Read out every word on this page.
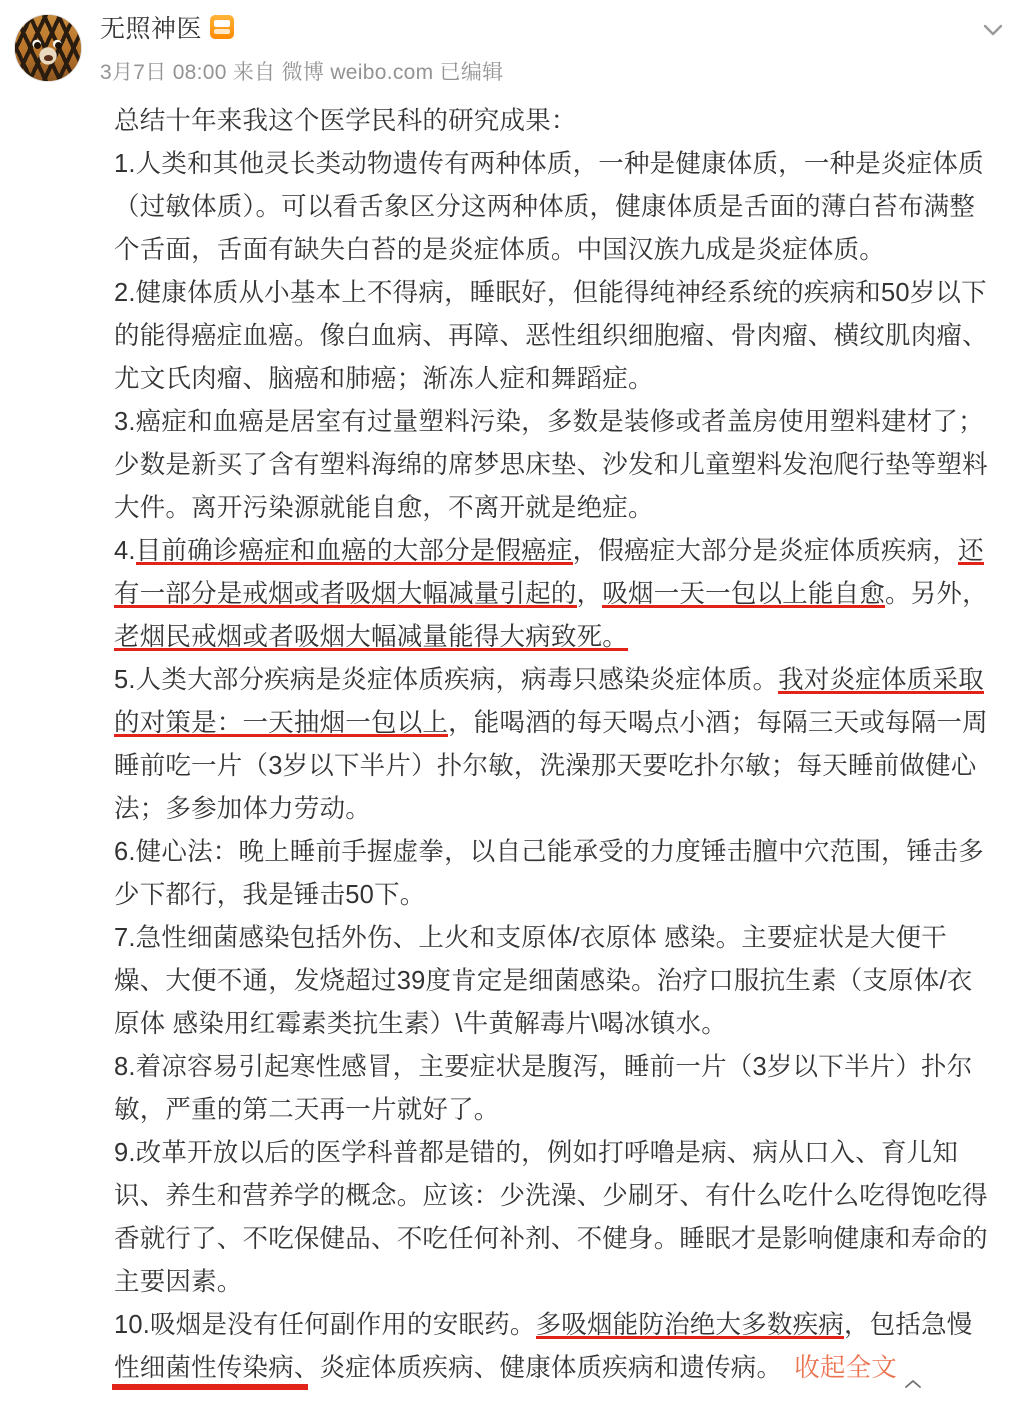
无照神医
3月7日 08:00 来自 微博 weibo.com 已编辑

总结十年来我这个医学民科的研究成果：

1.人类和其他灵长类动物遗传有两种体质，一种是健康体质，一种是炎症体质（过敏体质）。可以看舌象区分这两种体质，健康体质是舌面的薄白苔布满整个舌面，舌面有缺失白苔的是炎症体质。中国汉族九成是炎症体质。

2.健康体质从小基本上不得病，睡眠好，但能得纯神经系统的疾病和50岁以下的能得癌症血癌。像白血病、再障、恶性组织细胞瘤、骨肉瘤、横纹肌肉瘤、尤文氏肉瘤、脑癌和肺癌；渐冻人症和舞蹈症。

3.癌症和血癌是居室有过量塑料污染，多数是装修或者盖房使用塑料建材了；少数是新买了含有塑料海绵的席梦思床垫、沙发和儿童塑料发泡爬行垫等塑料大件。离开污染源就能自愈，不离开就是绝症。

4.目前确诊癌症和血癌的大部分是假癌症，假癌症大部分是炎症体质疾病，还有一部分是戒烟或者吸烟大幅减量引起的，吸烟一天一包以上能自愈。另外，老烟民戒烟或者吸烟大幅减量能得大病致死。

5.人类大部分疾病是炎症体质疾病，病毒只感染炎症体质。我对炎症体质采取的对策是：一天抽烟一包以上，能喝酒的每天喝点小酒；每隔三天或每隔一周睡前吃一片（3岁以下半片）扑尔敏，洗澡那天要吃扑尔敏；每天睡前做健心法；多参加体力劳动。

6.健心法：晚上睡前手握虚拳，以自己能承受的力度锤击膻中穴范围，锤击多少下都行，我是锤击50下。

7.急性细菌感染包括外伤、上火和支原体/衣原体 感染。主要症状是大便干燥、大便不通，发烧超过39度肯定是细菌感染。治疗口服抗生素（支原体/衣原体 感染用红霉素类抗生素）\牛黄解毒片\喝冰镇水。

8.着凉容易引起寒性感冒，主要症状是腹泻，睡前一片（3岁以下半片）扑尔敏，严重的第二天再一片就好了。

9.改革开放以后的医学科普都是错的，例如打呼噜是病、病从口入、育儿知识、养生和营养学的概念。应该：少洗澡、少刷牙、有什么吃什么吃得饱吃得香就行了、不吃保健品、不吃任何补剂、不健身。睡眠才是影响健康和寿命的主要因素。

10.吸烟是没有任何副作用的安眠药。多吸烟能防治绝大多数疾病，包括急慢性细菌性传染病、炎症体质疾病、健康体质疾病和遗传病。 收起全文
